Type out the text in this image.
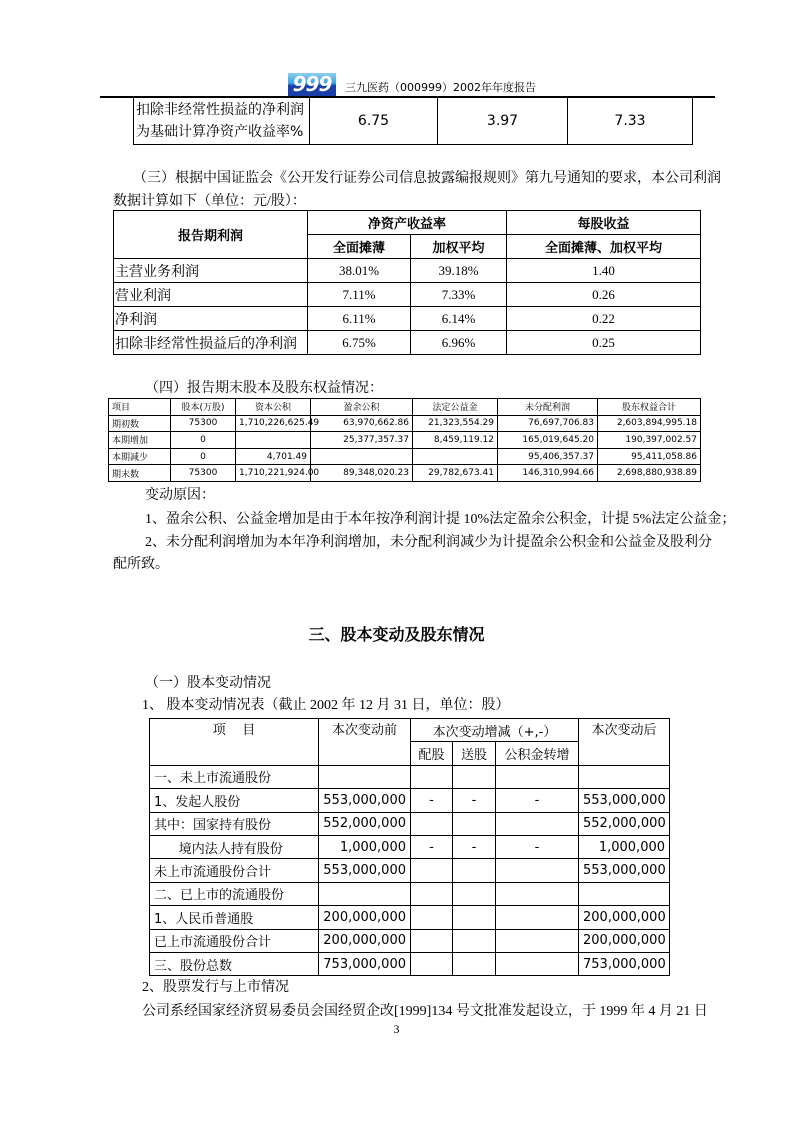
999	三九医药（000999）2002年年度报告
扣除非经常性损益的净利润为基础计算净资产收益率%	6.75	3.97	7.33
（三）根据中国证监会《公开发行证券公司信息披露编报规则》第九号通知的要求，本公司利润
数据计算如下（单位：元/股）：
报告期利润	净资产收益率		每股收益
	全面摊薄	加权平均	全面摊薄、加权平均
主营业务利润	38.01%	39.18%	1.40
营业利润	7.11%	7.33%	0.26
净利润	6.11%	6.14%	0.22
扣除非经常性损益后的净利润	6.75%	6.96%	0.25
（四）报告期末股本及股东权益情况：
项目	股本(万股)	资本公积	盈余公积	法定公益金	未分配利润	股东权益合计
期初数	75300	1,710,226,625.49	63,970,662.86	21,323,554.29	76,697,706.83	2,603,894,995.18
本期增加	0		25,377,357.37	8,459,119.12	165,019,645.20	190,397,002.57
本期减少	0	4,701.49			95,406,357.37	95,411,058.86
期末数	75300	1,710,221,924.00	89,348,020.23	29,782,673.41	146,310,994.66	2,698,880,938.89
变动原因：
1、盈余公积、公益金增加是由于本年按净利润计提 10%法定盈余公积金，计提 5%法定公益金；
2、未分配利润增加为本年净利润增加，未分配利润减少为计提盈余公积金和公益金及股利分
配所致。
三、股本变动及股东情况
（一）股本变动情况
1、 股本变动情况表（截止 2002 年 12 月 31 日，单位：股）
项    目	本次变动前	本次变动增减（+,-）			本次变动后
		配股	送股	公积金转增	
一、未上市流通股份					
1、发起人股份	553,000,000	-	-	-	553,000,000
其中：国家持有股份	552,000,000				552,000,000
境内法人持有股份	1,000,000	-	-	-	1,000,000
未上市流通股份合计	553,000,000				553,000,000
二、已上市的流通股份					
1、人民币普通股	200,000,000				200,000,000
已上市流通股份合计	200,000,000				200,000,000
三、股份总数	753,000,000				753,000,000
2、股票发行与上市情况
公司系经国家经济贸易委员会国经贸企改[1999]134 号文批准发起设立，于 1999 年 4 月 21 日
3
